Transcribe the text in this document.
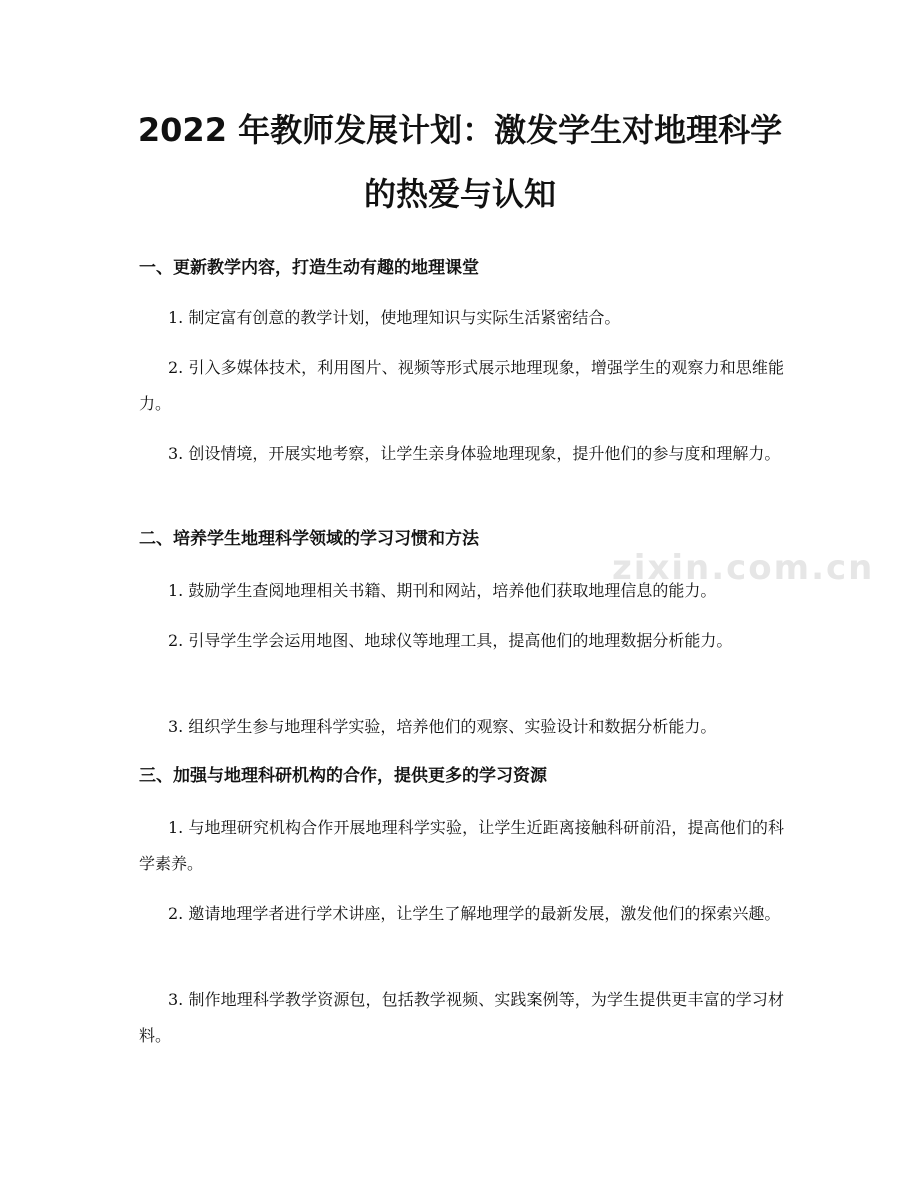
2022 年教师发展计划：激发学生对地理科学
的热爱与认知
一、更新教学内容，打造生动有趣的地理课堂
1. 制定富有创意的教学计划，使地理知识与实际生活紧密结合。
2. 引入多媒体技术，利用图片、视频等形式展示地理现象，增强学生的观察力和思维能力。
3. 创设情境，开展实地考察，让学生亲身体验地理现象，提升他们的参与度和理解力。
二、培养学生地理科学领域的学习习惯和方法
1. 鼓励学生查阅地理相关书籍、期刊和网站，培养他们获取地理信息的能力。
2. 引导学生学会运用地图、地球仪等地理工具，提高他们的地理数据分析能力。
3. 组织学生参与地理科学实验，培养他们的观察、实验设计和数据分析能力。
三、加强与地理科研机构的合作，提供更多的学习资源
1. 与地理研究机构合作开展地理科学实验，让学生近距离接触科研前沿，提高他们的科学素养。
2. 邀请地理学者进行学术讲座，让学生了解地理学的最新发展，激发他们的探索兴趣。
3. 制作地理科学教学资源包，包括教学视频、实践案例等，为学生提供更丰富的学习材料。
zixin.com.cn
